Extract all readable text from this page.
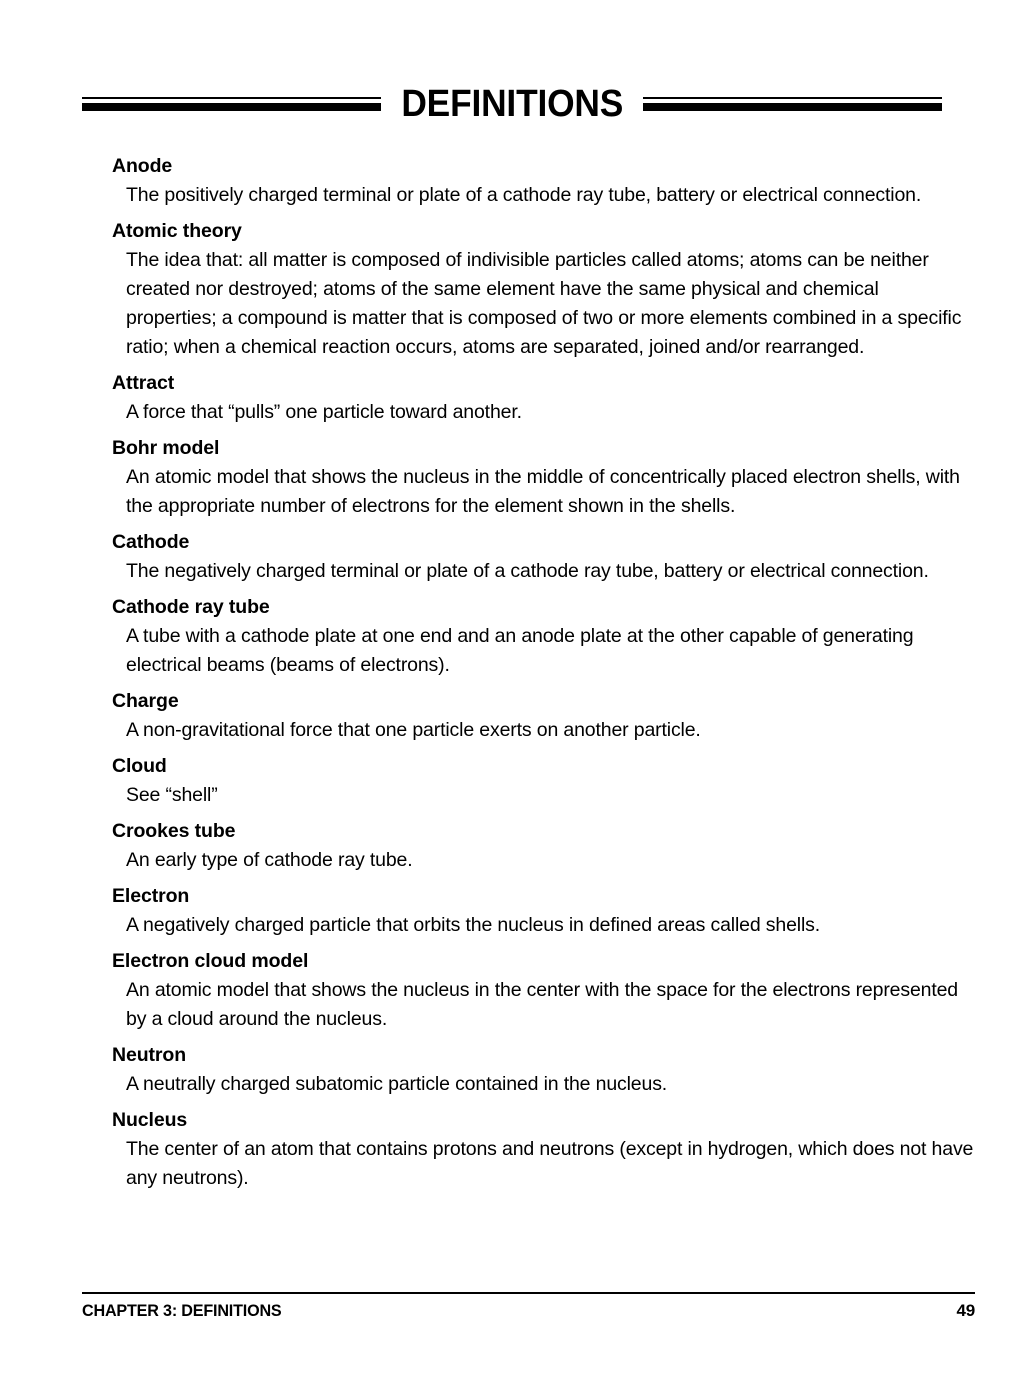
DEFINITIONS
Anode
The positively charged terminal or plate of a cathode ray tube, battery or electrical connection.
Atomic theory
The idea that: all matter is composed of indivisible particles called atoms; atoms can be neither created nor destroyed; atoms of the same element have the same physical and chemical properties; a compound is matter that is composed of two or more elements combined in a specific ratio; when a chemical reaction occurs, atoms are separated, joined and/or rearranged.
Attract
A force that “pulls” one particle toward another.
Bohr model
An atomic model that shows the nucleus in the middle of concentrically placed electron shells, with the appropriate number of electrons for the element shown in the shells.
Cathode
The negatively charged terminal or plate of a cathode ray tube, battery or electrical connection.
Cathode ray tube
A tube with a cathode plate at one end and an anode plate at the other capable of generating electrical beams (beams of electrons).
Charge
A non-gravitational force that one particle exerts on another particle.
Cloud
See “shell”
Crookes tube
An early type of cathode ray tube.
Electron
A negatively charged particle that orbits the nucleus in defined areas called shells.
Electron cloud model
An atomic model that shows the nucleus in the center with the space for the electrons represented by a cloud around the nucleus.
Neutron
A neutrally charged subatomic particle contained in the nucleus.
Nucleus
The center of an atom that contains protons and neutrons (except in hydrogen, which does not have any neutrons).
CHAPTER 3: DEFINITIONS	49
